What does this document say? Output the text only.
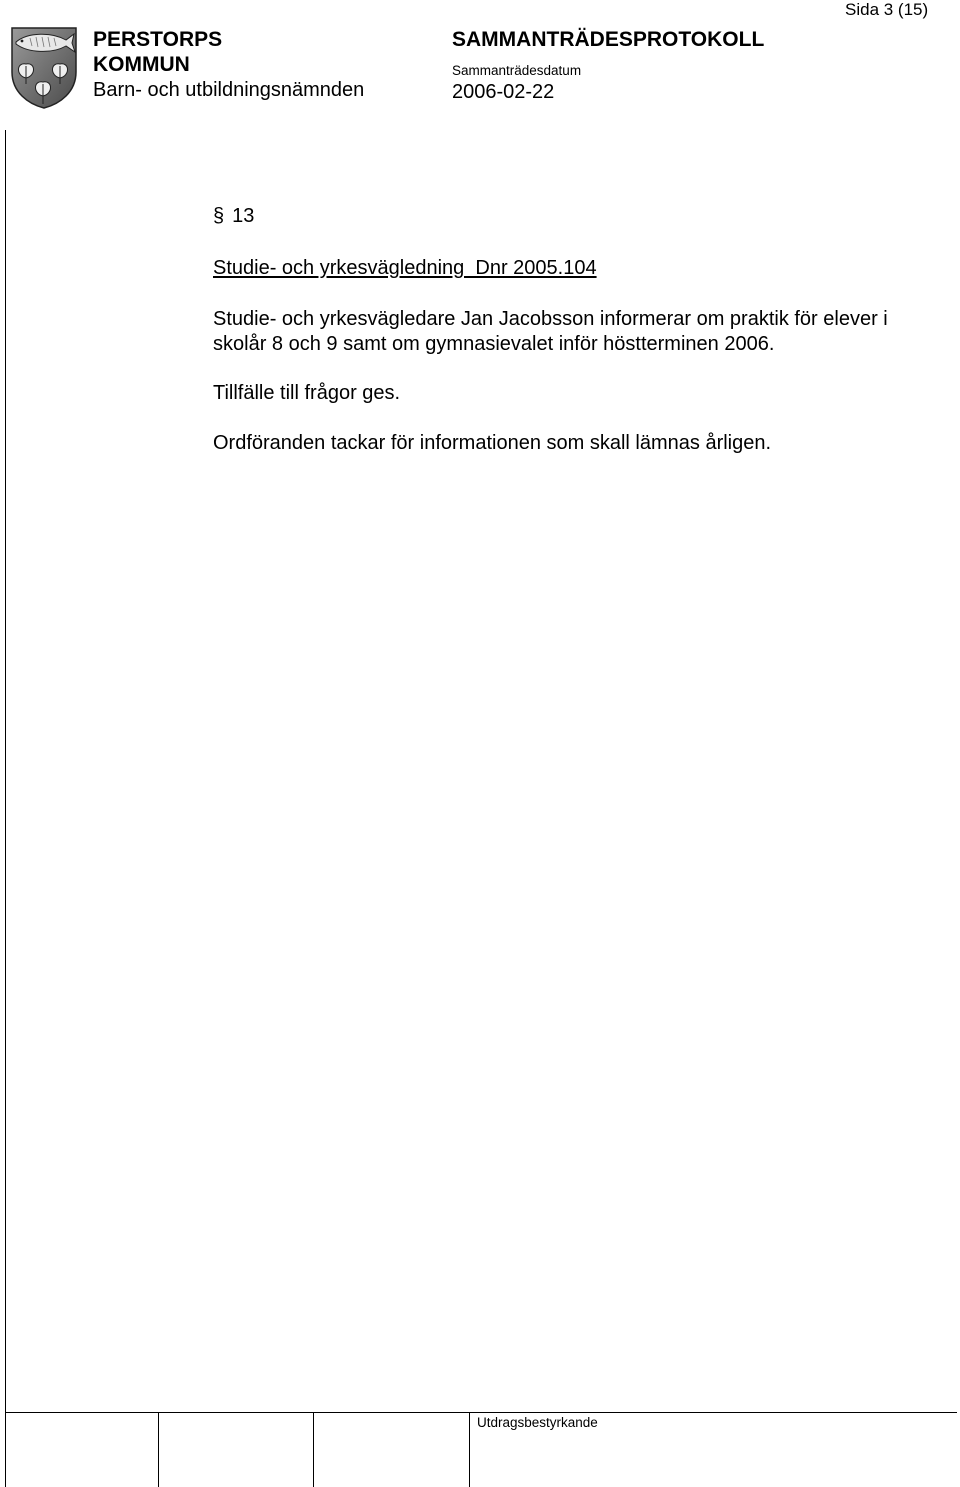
PERSTORPS
KOMMUN
Barn- och utbildningsnämnden
SAMMANTRÄDESPROTOKOLL
Sammanträdesdatum
2006-02-22
Sida 3 (15)
§ 13
Studie- och yrkesvägledning  Dnr 2005.104
Studie- och yrkesvägledare Jan Jacobsson informerar om praktik för elever i skolår 8 och 9 samt om gymnasievalet inför höstterminen 2006.
Tillfälle till frågor ges.
Ordföranden tackar för informationen som skall lämnas årligen.
Utdragsbestyrkande
